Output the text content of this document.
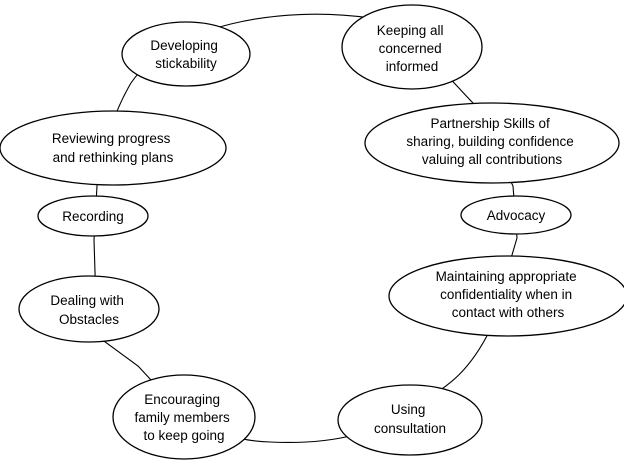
Developing stickability
Keeping all concerned informed
Partnership Skills of sharing, building confidence valuing all contributions
Advocacy
Maintaining appropriate confidentiality when in contact with others
Using consultation
Encouraging family members to keep going
Dealing with Obstacles
Recording
Reviewing progress and rethinking plans
